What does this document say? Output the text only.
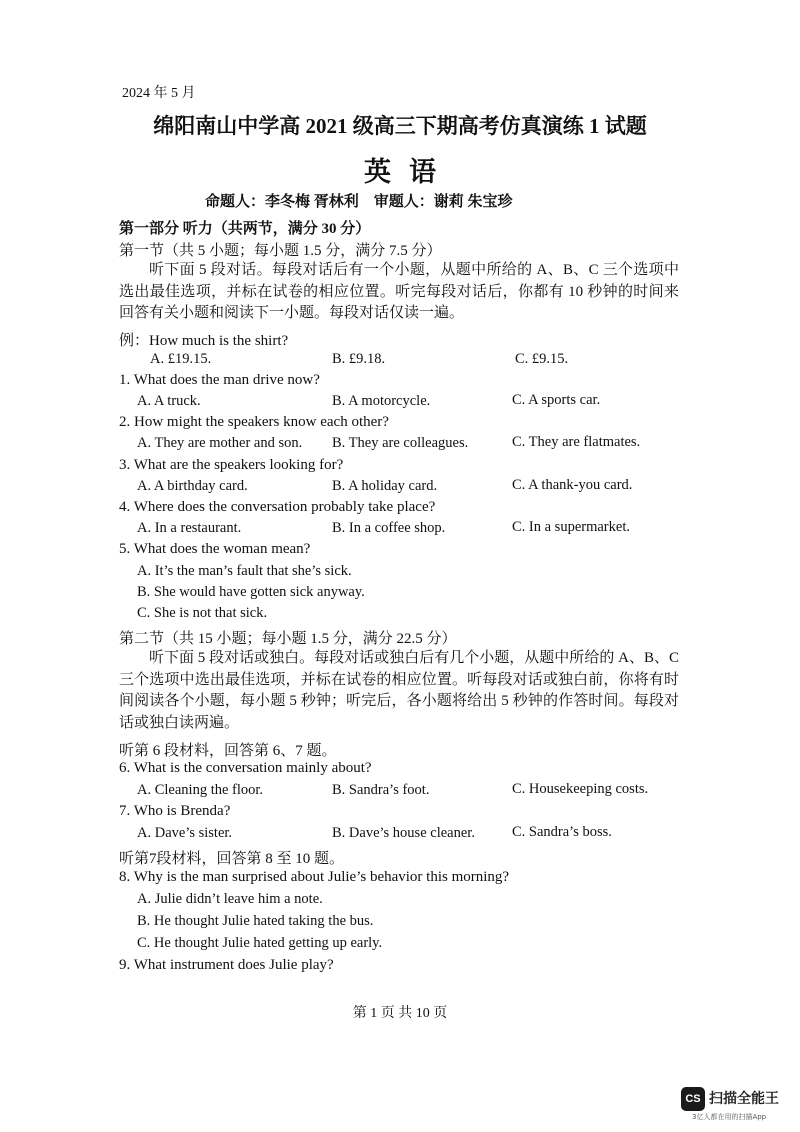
2024 年 5 月
绵阳南山中学高 2021 级高三下期高考仿真演练 1 试题
英语
命题人：李冬梅 胥林利　审题人：谢莉 朱宝珍
第一部分 听力（共两节，满分 30 分）
第一节（共 5 小题；每小题 1.5 分，满分 7.5 分）
听下面 5 段对话。每段对话后有一个小题，从题中所给的 A、B、C 三个选项中选出最佳选项，并标在试卷的相应位置。听完每段对话后，你都有 10 秒钟的时间来回答有关小题和阅读下一小题。每段对话仅读一遍。
例：How much is the shirt?
A. £19.15.	B. £9.18.	C. £9.15.
1. What does the man drive now?
A. A truck.	B. A motorcycle.	C. A sports car.
2. How might the speakers know each other?
A. They are mother and son. B. They are colleagues.	C. They are flatmates.
3. What are the speakers looking for?
A. A birthday card.	B. A holiday card.	C. A thank-you card.
4. Where does the conversation probably take place?
A. In a restaurant.	B. In a coffee shop.	C. In a supermarket.
5. What does the woman mean?
A. It’s the man’s fault that she’s sick.
B. She would have gotten sick anyway.
C. She is not that sick.
第二节（共 15 小题；每小题 1.5 分，满分 22.5 分）
听下面 5 段对话或独白。每段对话或独白后有几个小题，从题中所给的 A、B、C 三个选项中选出最佳选项，并标在试卷的相应位置。听每段对话或独白前，你将有时间阅读各个小题，每小题 5 秒钟；听完后，各小题将给出 5 秒钟的作答时间。每段对话或独白读两遍。
听第 6 段材料，回答第 6、7 题。
6. What is the conversation mainly about?
A. Cleaning the floor.	B. Sandra’s foot.	C. Housekeeping costs.
7. Who is Brenda?
A. Dave’s sister.	B. Dave’s house cleaner.	C. Sandra’s boss.
听第7段材料，回答第 8 至 10 题。
8. Why is the man surprised about Julie’s behavior this morning?
A. Julie didn’t leave him a note.
B. He thought Julie hated taking the bus.
C. He thought Julie hated getting up early.
9. What instrument does Julie play?
第 1 页 共 10 页
CS 扫描全能王
3亿人都在用的扫描App
